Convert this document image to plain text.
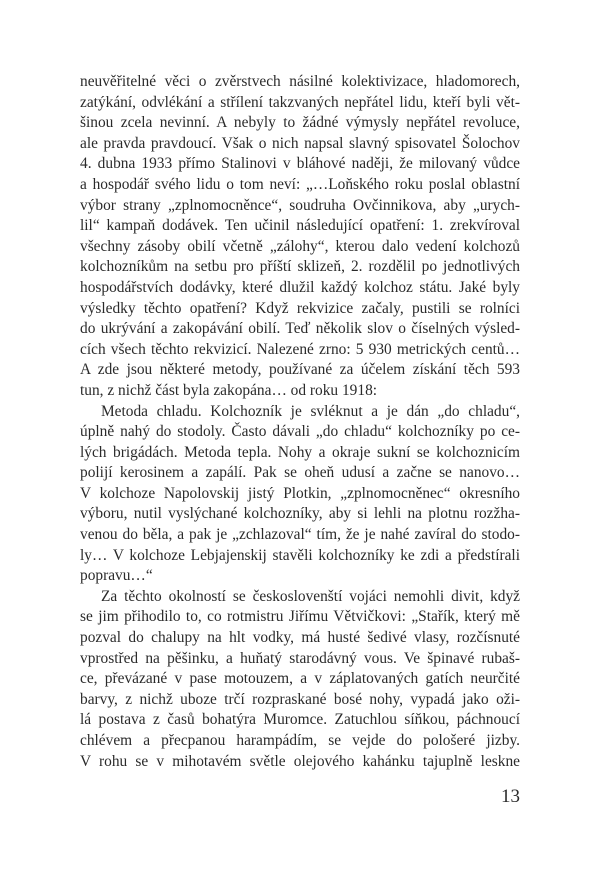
neuvěřitelné věci o zvěrstvech násilné kolektivizace, hladomorech,
zatýkání, odvlékání a střílení takzvaných nepřátel lidu, kteří byli vět-
šinou zcela nevinní. A nebyly to žádné výmysly nepřátel revoluce,
ale pravda pravdoucí. Však o nich napsal slavný spisovatel Šolochov
4. dubna 1933 přímo Stalinovi v bláhové naději, že milovaný vůdce
a hospodář svého lidu o tom neví: „…Loňského roku poslal oblastní
výbor strany „zplnomocněnce“, soudruha Ovčinnikova, aby „urych-
lil“ kampaň dodávek. Ten učinil následující opatření: 1. zrekvíroval
všechny zásoby obilí včetně „zálohy“, kterou dalo vedení kolchozů
kolchozníkům na setbu pro příští sklizeň, 2. rozdělil po jednotlivých
hospodářstvích dodávky, které dlužil každý kolchoz státu. Jaké byly
výsledky těchto opatření? Když rekvizice začaly, pustili se rolníci
do ukrývání a zakopávání obilí. Teď několik slov o číselných výsled-
cích všech těchto rekvizicí. Nalezené zrno: 5 930 metrických centů…
A zde jsou některé metody, používané za účelem získání těch 593
tun, z nichž část byla zakopána… od roku 1918:
Metoda chladu. Kolchozník je svléknut a je dán „do chladu“,
úplně nahý do stodoly. Často dávali „do chladu“ kolchozníky po ce-
lých brigádách. Metoda tepla. Nohy a okraje sukní se kolchoznicím
polijí kerosinem a zapálí. Pak se oheň udusí a začne se nanovo…
V kolchoze Napolovskij jistý Plotkin, „zplnomocněnec“ okresního
výboru, nutil vyslýchané kolchozníky, aby si lehli na plotnu rozžha-
venou do běla, a pak je „zchlazoval“ tím, že je nahé zavíral do stodo-
ly… V kolchoze Lebjajenskij stavěli kolchozníky ke zdi a předstírali
popravu…“
Za těchto okolností se českoslovenští vojáci nemohli divit, když
se jim přihodilo to, co rotmistru Jiřímu Větvičkovi: „Stařík, který mě
pozval do chalupy na hlt vodky, má husté šedivé vlasy, rozčísnuté
vprostřed na pěšinku, a huňatý starodávný vous. Ve špinavé rubaš-
ce, převázané v pase motouzem, a v záplatovaných gatích neurčité
barvy, z nichž uboze trčí rozpraskané bosé nohy, vypadá jako oži-
lá postava z časů bohatýra Muromce. Zatuchlou síňkou, páchnoucí
chlévem a přecpanou harampádím, se vejde do pološeré jizby.
V rohu se v mihotavém světle olejového kahánku tajuplně leskne
13
